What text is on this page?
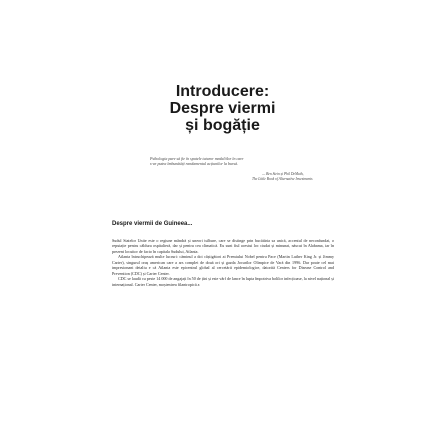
Introducere:
Despre viermi
și bogăție
Psihologia pare să fie în spatele tuturor medaliilor în care
s-ar putea îmbunătăți randamentul acțiunilor la bursă.
— Ben Stein și Phil DeMuth,
The Little Book of Alternative Investments
Despre viermii de Guineea...

Sudul Statelor Unite este o regiune mândră și uneori tulbure, care se distinge prin bucătăria sa unică, accentul de neconfundat, o reputație pentru căldura ospitalieră, dar și pentru cea climatică. Eu sunt fiul acestui loc ciudat și minunat, născut în Alabama, iar în prezent locuitor de facto în capitala Sudului, Atlanta.

Atlanta întruchipează multe lucruri: căminul a doi câștigători ai Premiului Nobel pentru Pace (Martin Luther King Jr. și Jimmy Carter), singurul oraș american care a ars complet de două ori și gazda Jocurilor Olimpice de Vară din 1996. Dar poate cel mai impresionant detaliu e că Atlanta este epicentrul global al cercetării epidemiologice, datorită Centers for Disease Control and Prevention (CDC) și Carter Center.

CDC se laudă cu peste 14 000 de angajați în 50 de țări și este vârf de lance în lupta împotriva bolilor infecțioase, la nivel național și internațional. Carter Center, moștenirea filantropică a
